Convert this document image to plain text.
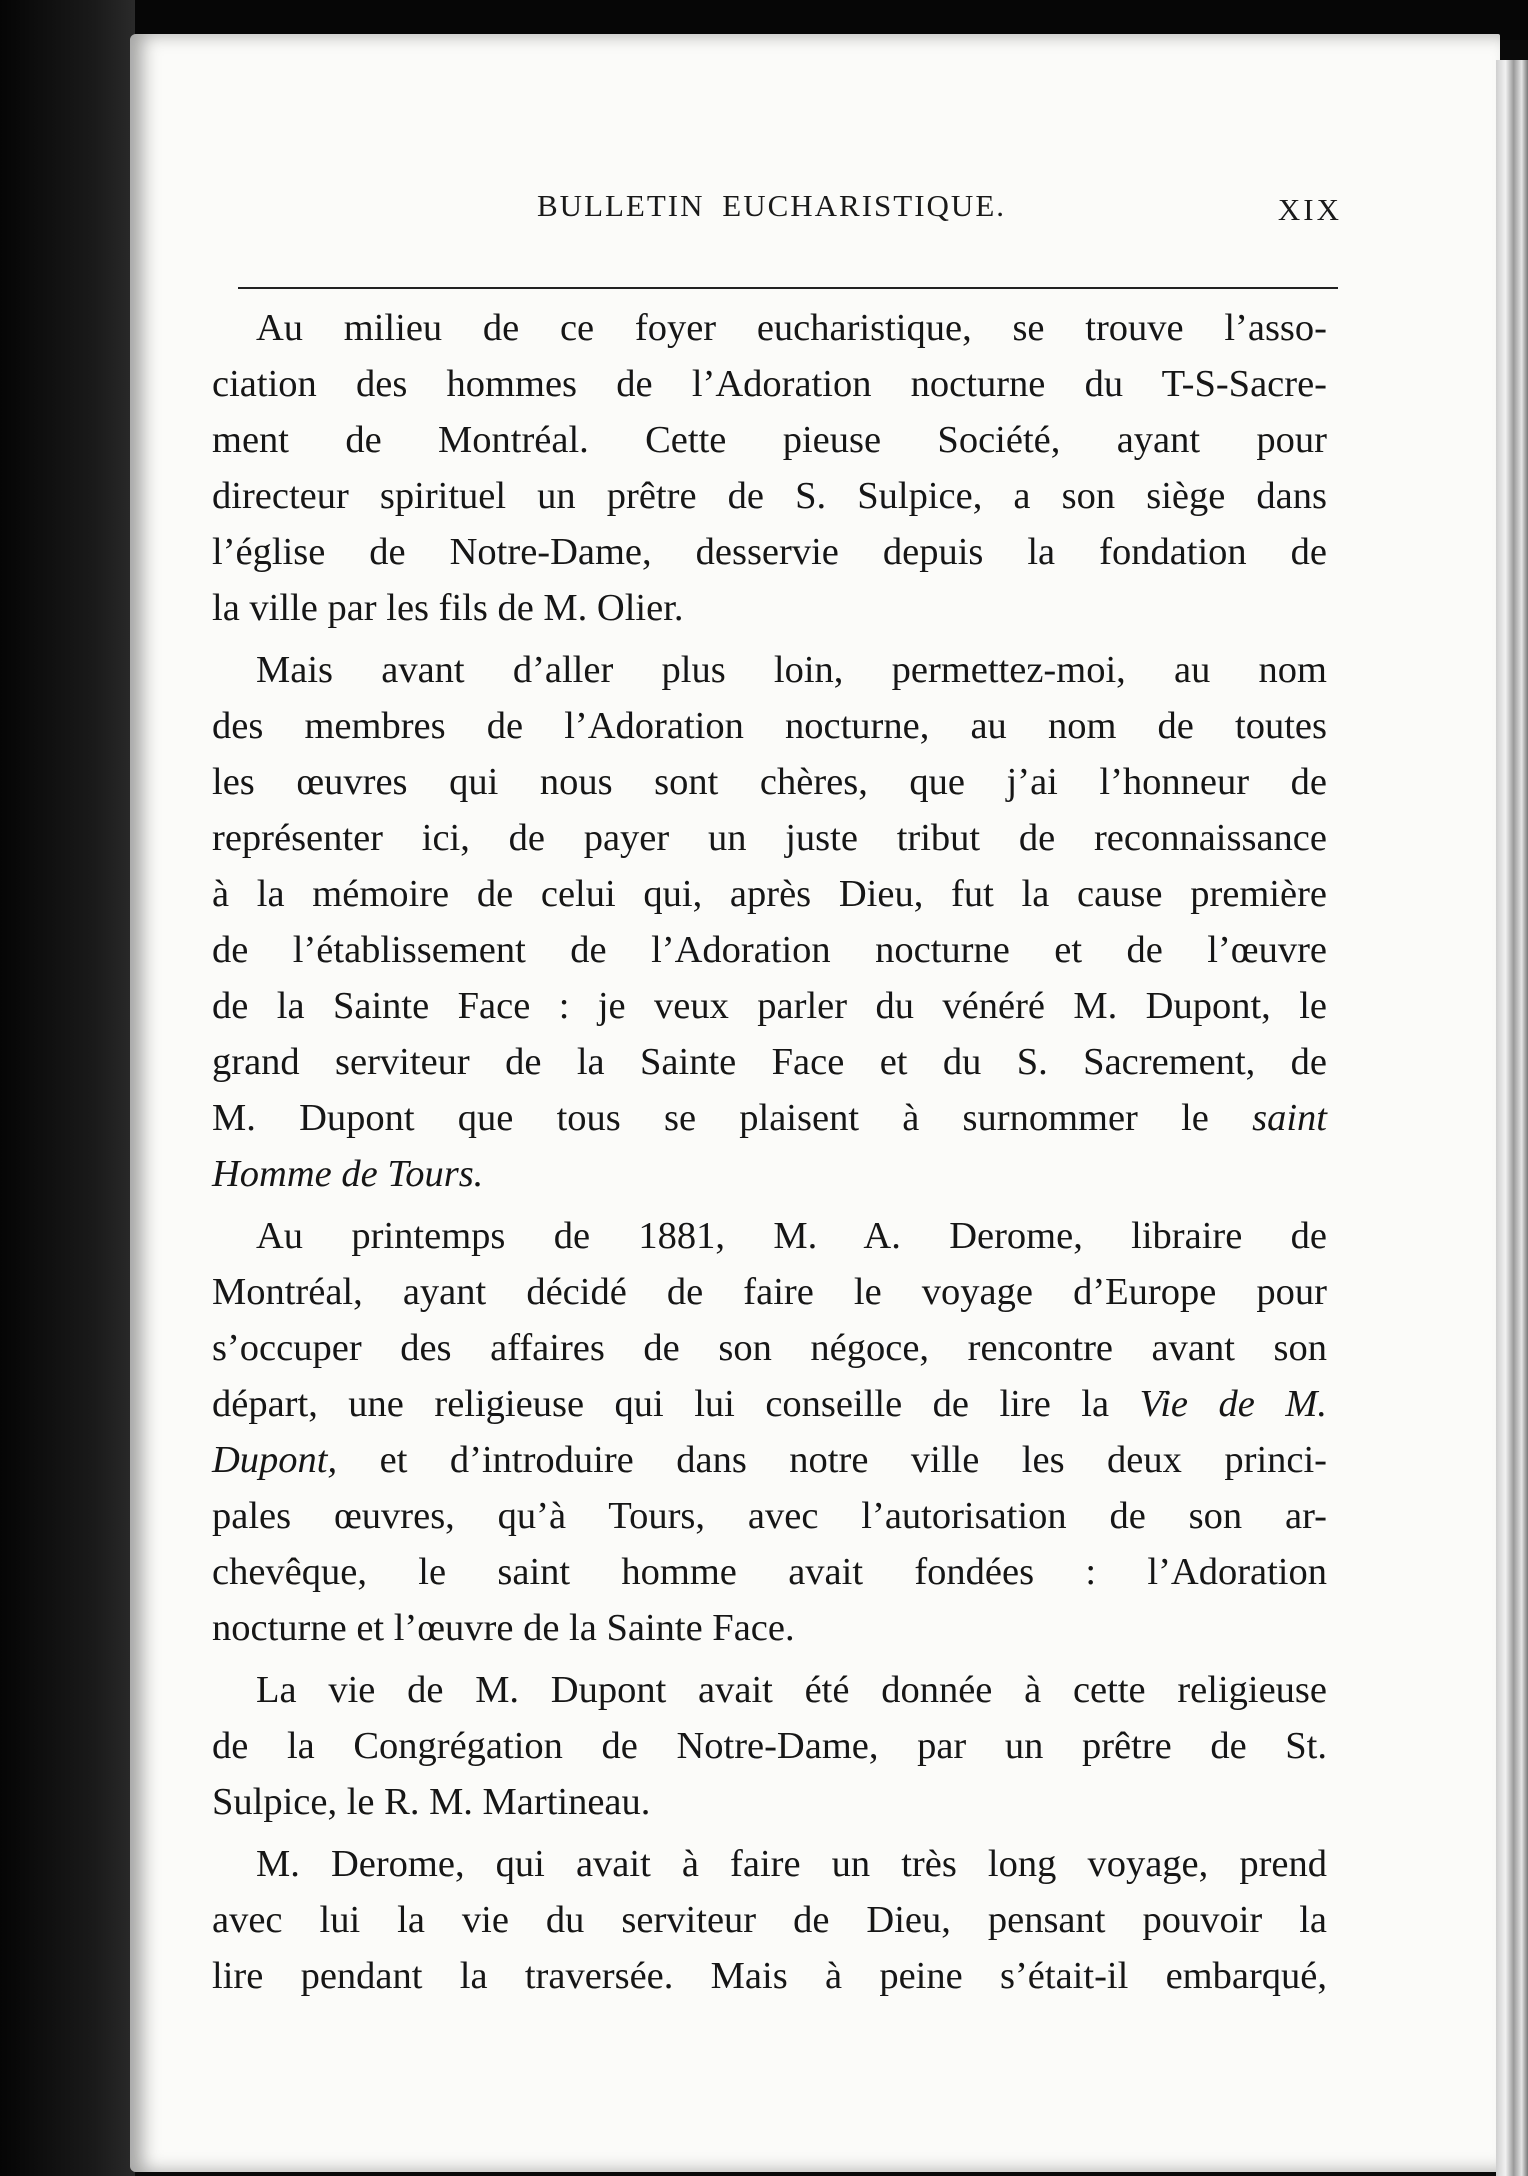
BULLETIN EUCHARISTIQUE.	XIX
Au milieu de ce foyer eucharistique, se trouve l’asso-
ciation des hommes de l’Adoration nocturne du T-S-Sacre-
ment de Montréal. Cette pieuse Société, ayant pour
directeur spirituel un prêtre de S. Sulpice, a son siège dans
l’église de Notre-Dame, desservie depuis la fondation de
la ville par les fils de M. Olier.
Mais avant d’aller plus loin, permettez-moi, au nom
des membres de l’Adoration nocturne, au nom de toutes
les œuvres qui nous sont chères, que j’ai l’honneur de
représenter ici, de payer un juste tribut de reconnaissance
à la mémoire de celui qui, après Dieu, fut la cause première
de l’établissement de l’Adoration nocturne et de l’œuvre
de la Sainte Face : je veux parler du vénéré M. Dupont, le
grand serviteur de la Sainte Face et du S. Sacrement, de
M. Dupont que tous se plaisent à surnommer le saint
Homme de Tours.
Au printemps de 1881, M. A. Derome, libraire de
Montréal, ayant décidé de faire le voyage d’Europe pour
s’occuper des affaires de son négoce, rencontre avant son
départ, une religieuse qui lui conseille de lire la Vie de M.
Dupont, et d’introduire dans notre ville les deux princi-
pales œuvres, qu’à Tours, avec l’autorisation de son ar-
chevêque, le saint homme avait fondées : l’Adoration
nocturne et l’œuvre de la Sainte Face.
La vie de M. Dupont avait été donnée à cette religieuse
de la Congrégation de Notre-Dame, par un prêtre de St.
Sulpice, le R. M. Martineau.
M. Derome, qui avait à faire un très long voyage, prend
avec lui la vie du serviteur de Dieu, pensant pouvoir la
lire pendant la traversée. Mais à peine s’était-il embarqué,
